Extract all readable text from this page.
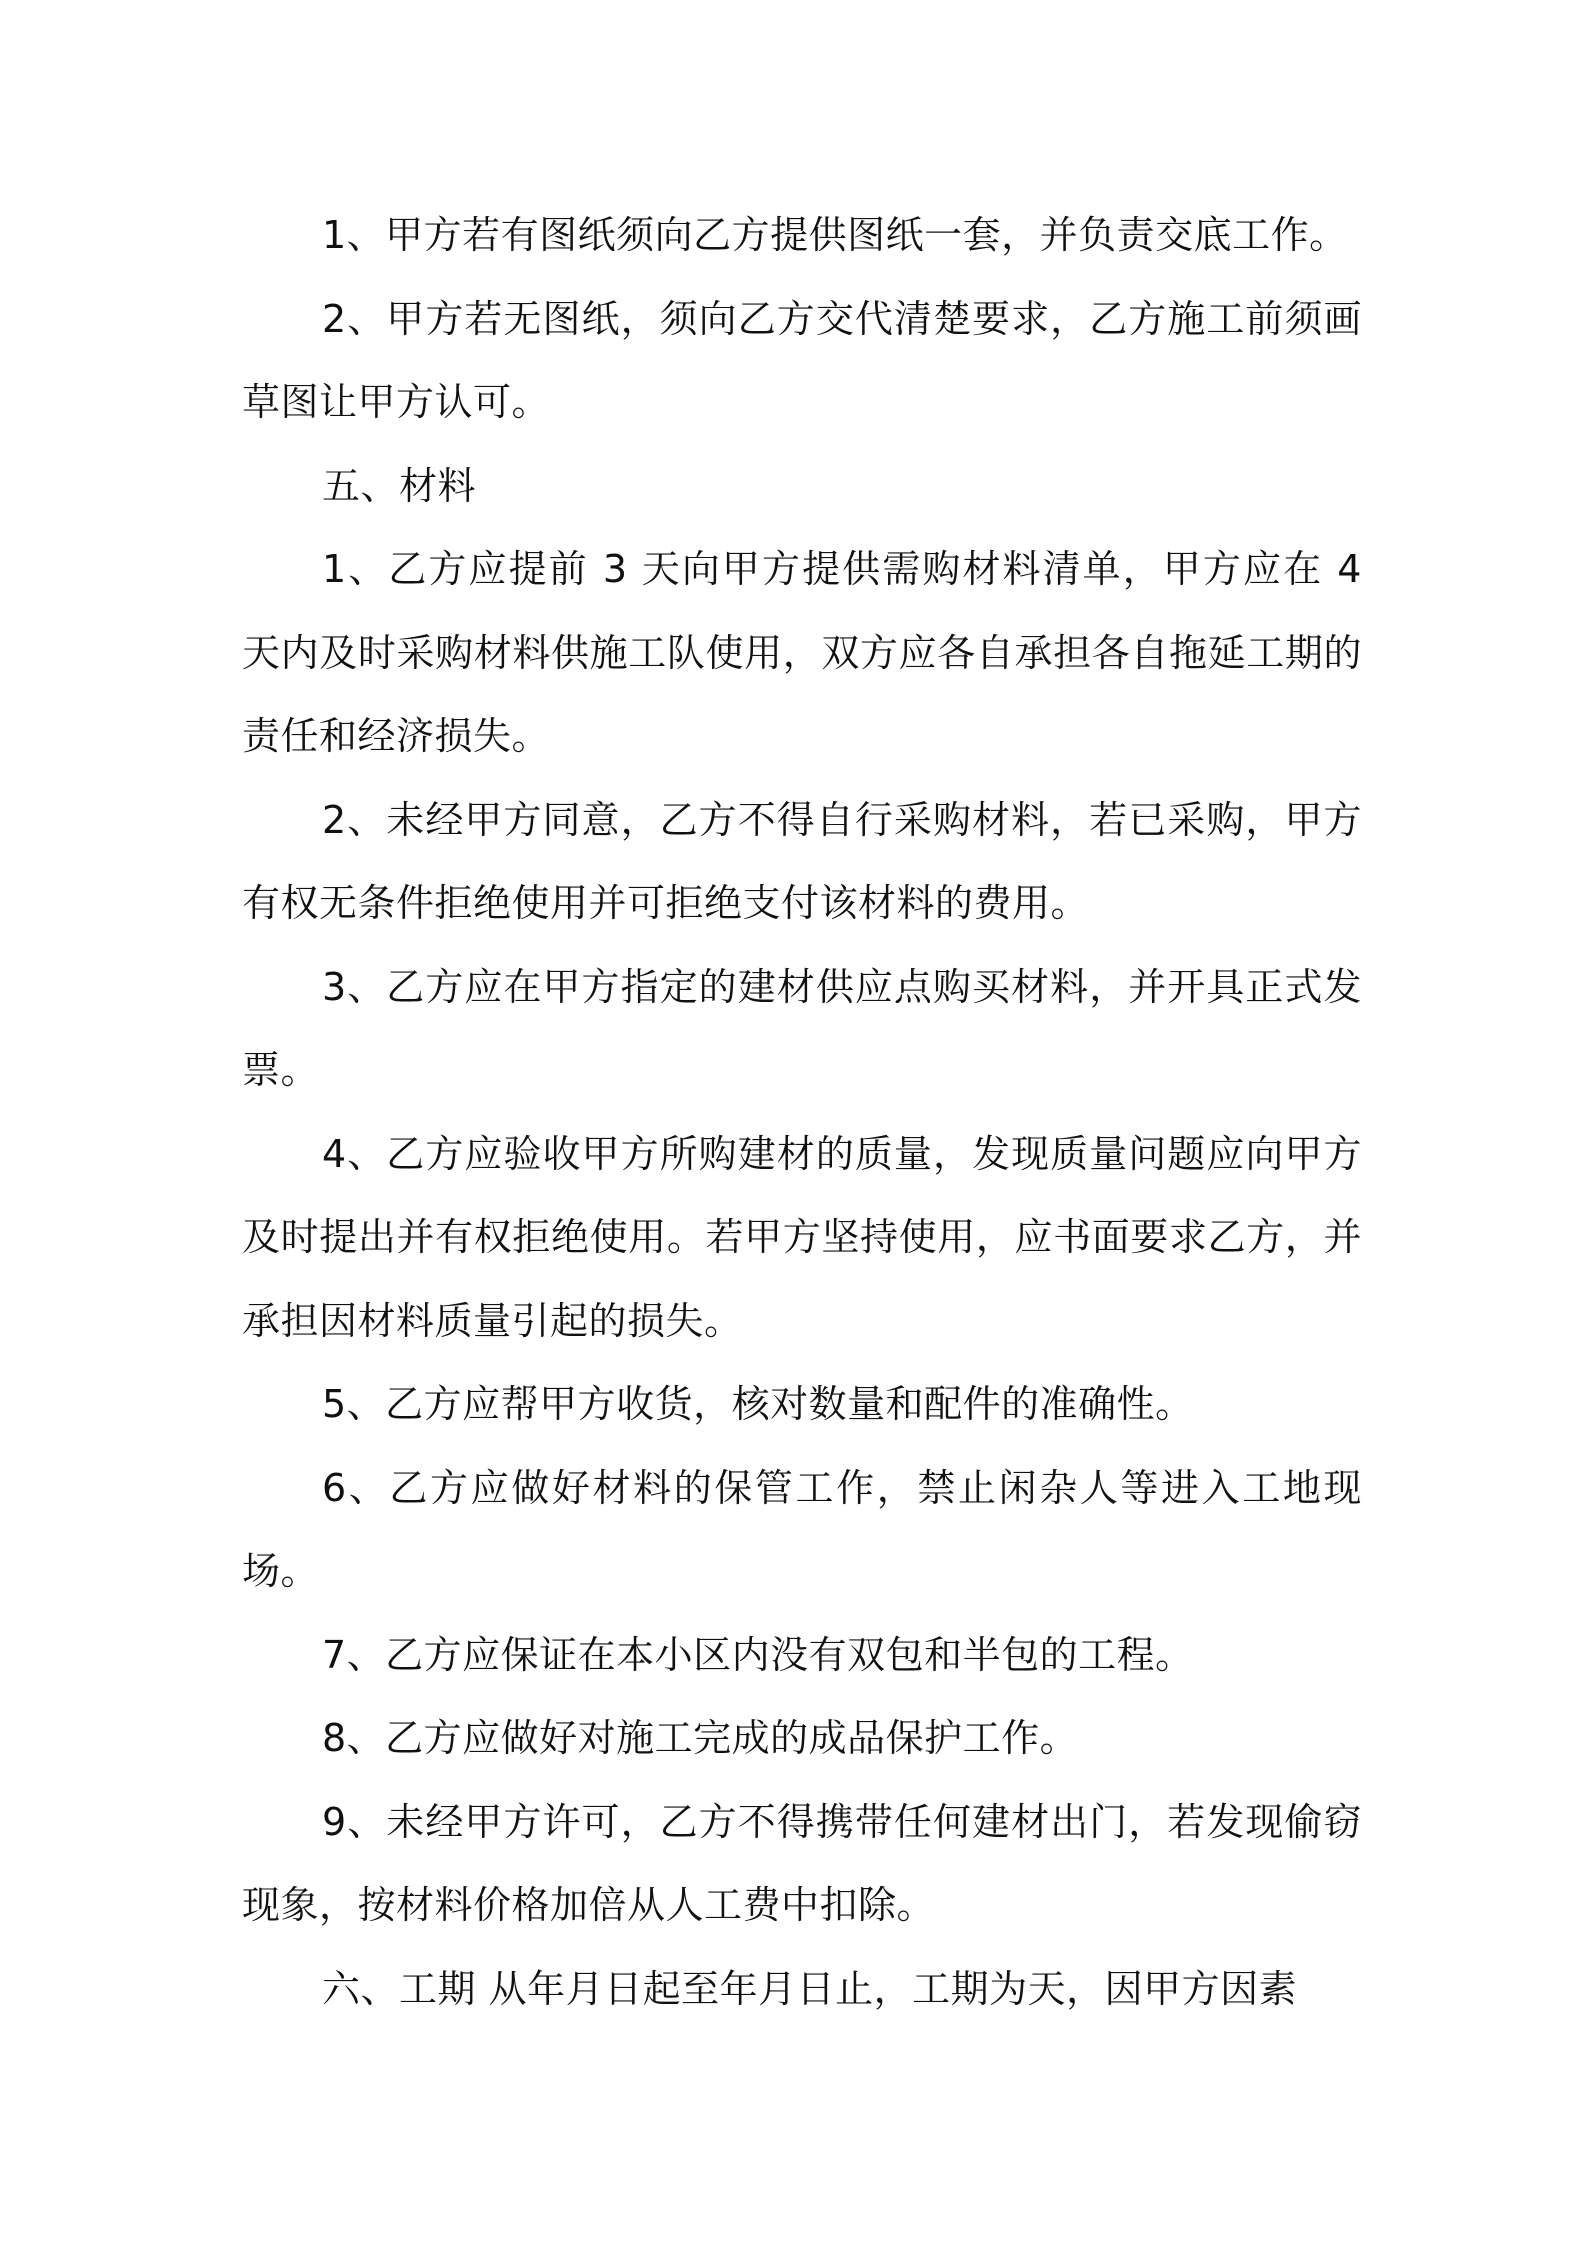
1、甲方若有图纸须向乙方提供图纸一套，并负责交底工作。

2、甲方若无图纸，须向乙方交代清楚要求，乙方施工前须画草图让甲方认可。

五、材料

1、乙方应提前 3 天向甲方提供需购材料清单，甲方应在 4 天内及时采购材料供施工队使用，双方应各自承担各自拖延工期的责任和经济损失。

2、未经甲方同意，乙方不得自行采购材料，若已采购，甲方有权无条件拒绝使用并可拒绝支付该材料的费用。

3、乙方应在甲方指定的建材供应点购买材料，并开具正式发票。

4、乙方应验收甲方所购建材的质量，发现质量问题应向甲方及时提出并有权拒绝使用。若甲方坚持使用，应书面要求乙方，并承担因材料质量引起的损失。

5、乙方应帮甲方收货，核对数量和配件的准确性。

6、乙方应做好材料的保管工作，禁止闲杂人等进入工地现场。

7、乙方应保证在本小区内没有双包和半包的工程。

8、乙方应做好对施工完成的成品保护工作。

9、未经甲方许可，乙方不得携带任何建材出门，若发现偷窃现象，按材料价格加倍从人工费中扣除。

六、工期 从年月日起至年月日止，工期为天，因甲方因素
